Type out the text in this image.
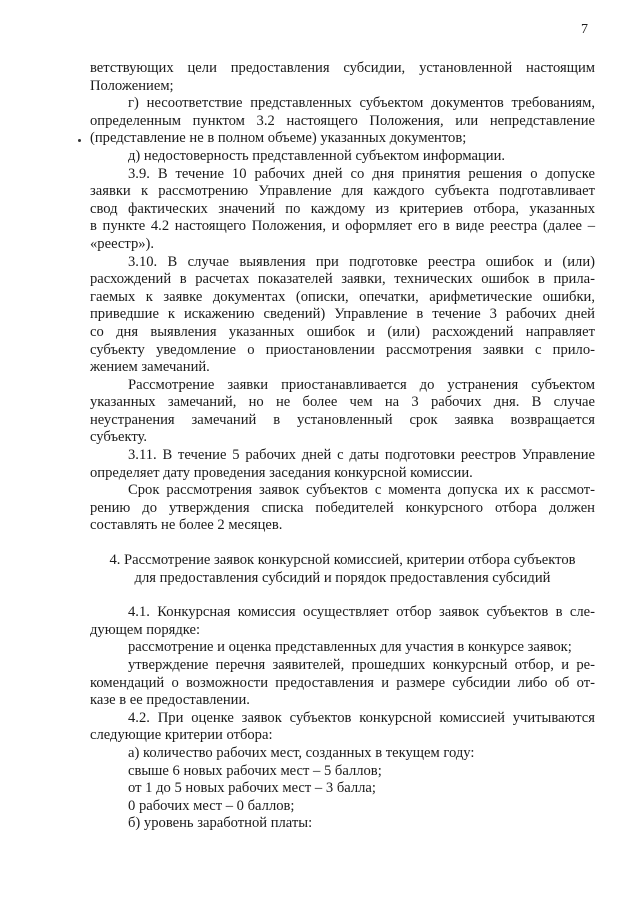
7

ветствующих цели предоставления субсидии, установленной настоящим
Положением;

г) несоответствие представленных субъектом документов требованиям,
определенным пунктом 3.2 настоящего Положения, или непредставление
(представление не в полном объеме) указанных документов;

д) недостоверность представленной субъектом информации.

3.9. В течение 10 рабочих дней со дня принятия решения о допуске
заявки к рассмотрению Управление для каждого субъекта подготавливает
свод фактических значений по каждому из критериев отбора, указанных
в пункте 4.2 настоящего Положения, и оформляет его в виде реестра (далее –
«реестр»).

3.10. В случае выявления при подготовке реестра ошибок и (или)
расхождений в расчетах показателей заявки, технических ошибок в прила-
гаемых к заявке документах (описки, опечатки, арифметические ошибки,
приведшие к искажению сведений) Управление в течение 3 рабочих дней
со дня выявления указанных ошибок и (или) расхождений направляет
субъекту уведомление о приостановлении рассмотрения заявки с прило-
жением замечаний.

Рассмотрение заявки приостанавливается до устранения субъектом
указанных замечаний, но не более чем на 3 рабочих дня. В случае
неустранения замечаний в установленный срок заявка возвращается
субъекту.

3.11. В течение 5 рабочих дней с даты подготовки реестров Управление
определяет дату проведения заседания конкурсной комиссии.

Срок рассмотрения заявок субъектов с момента допуска их к рассмот-
рению до утверждения списка победителей конкурсного отбора должен
составлять не более 2 месяцев.

4. Рассмотрение заявок конкурсной комиссией, критерии отбора субъектов

для предоставления субсидий и порядок предоставления субсидий

4.1. Конкурсная комиссия осуществляет отбор заявок субъектов в сле-
дующем порядке:

рассмотрение и оценка представленных для участия в конкурсе заявок;

утверждение перечня заявителей, прошедших конкурсный отбор, и ре-
комендаций о возможности предоставления и размере субсидии либо об от-
казе в ее предоставлении.

4.2. При оценке заявок субъектов конкурсной комиссией учитываются
следующие критерии отбора:

а) количество рабочих мест, созданных в текущем году:

свыше 6 новых рабочих мест – 5 баллов;

от 1 до 5 новых рабочих мест – 3 балла;

0 рабочих мест – 0 баллов;

б) уровень заработной платы:
